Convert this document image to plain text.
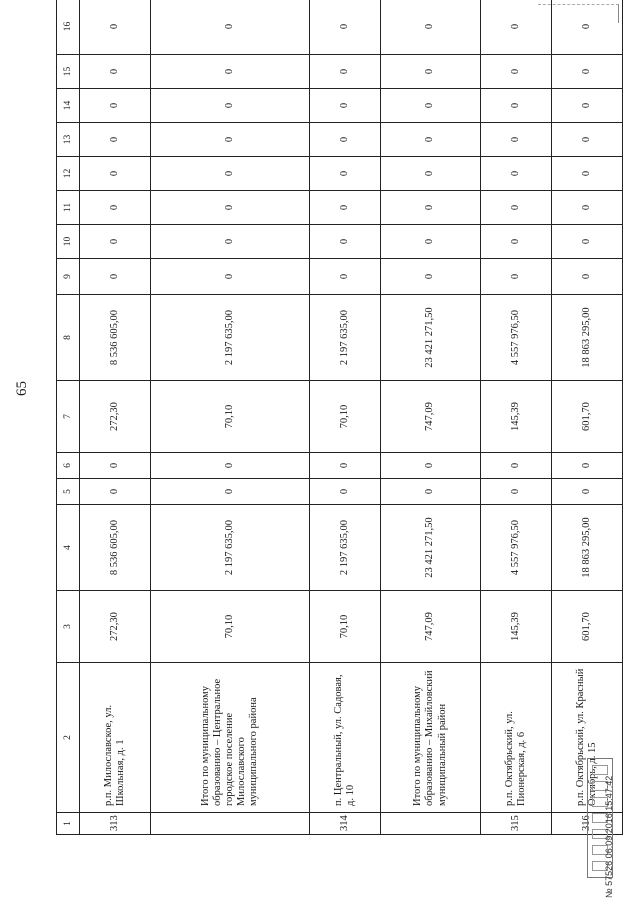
65
1	2	3	4	5	6	7	8	9	10	11	12	13	14	15	16
313	р.п. Милославское, ул. Школьная, д. 1	272,30	8 536 605,00	0	0	272,30	8 536 605,00	0	0	0	0	0	0	0	0
	Итого по муниципальному образованию – Центральное городское поселение Милославского муниципального района	70,10	2 197 635,00	0	0	70,10	2 197 635,00	0	0	0	0	0	0	0	0
314	п. Центральный, ул. Садовая, д. 10	70,10	2 197 635,00	0	0	70,10	2 197 635,00	0	0	0	0	0	0	0	0
	Итого по муниципальному образованию – Михайловский муниципальный район	747,09	23 421 271,50	0	0	747,09	23 421 271,50	0	0	0	0	0	0	0	0
315	р.п. Октябрьский, ул. Пионерская, д. 6	145,39	4 557 976,50	0	0	145,39	4 557 976,50	0	0	0	0	0	0	0	0
316	р.п. Октябрьский, ул. Красный Октябрь, д. 15	601,70	18 863 295,00	0	0	601,70	18 863 295,00	0	0	0	0	0	0	0	0
№ 57526 06.09.2016 15:47:42
